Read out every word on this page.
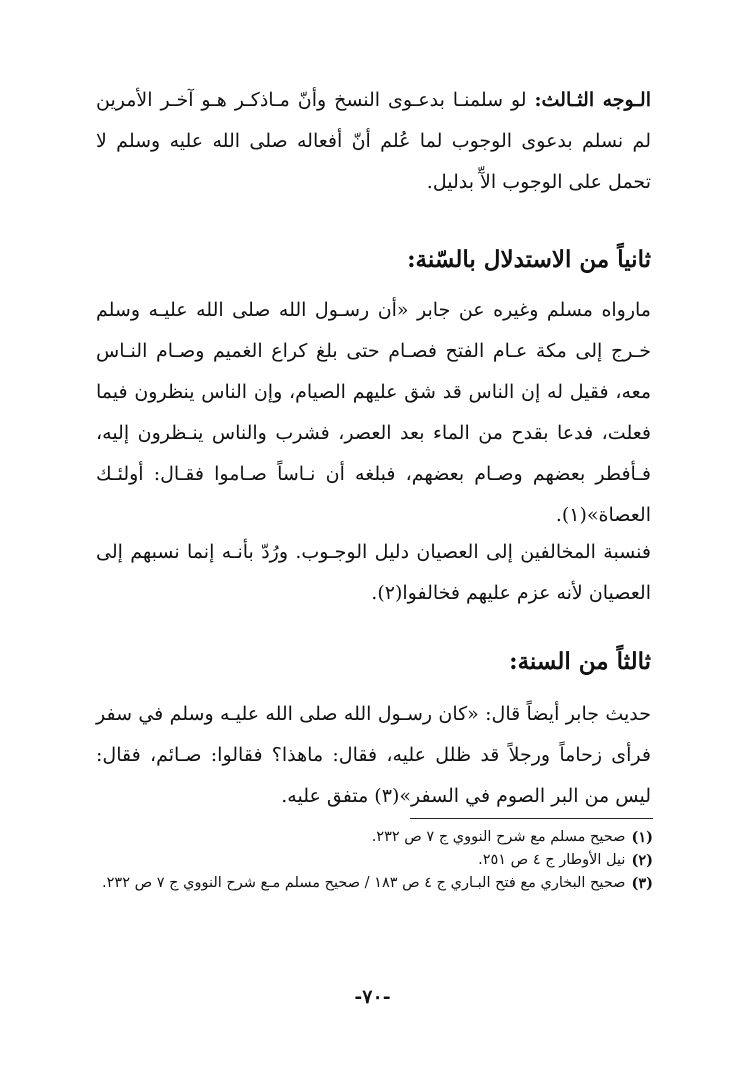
الـوجه الثـالث: لو سلمنـا بدعـوى النسخ وأنّ مـاذكـر هـو آخـر الأمرين لم نسلم بدعوى الوجوب لما عُلم أنّ أفعاله صلى الله عليه وسلم لا تحمل على الوجوب الآّ بدليل.

ثانياً من الاستدلال بالسّنة:

مارواه مسلم وغيره عن جابر «أن رسـول الله صلى الله عليـه وسلم خـرج إلى مكة عـام الفتح فصـام حتى بلغ كراع الغميم وصـام النـاس معه، فقيل له إن الناس قد شق عليهم الصيام، وإن الناس ينظرون فيما فعلت، فدعا بقدح من الماء بعد العصر، فشرب والناس ينـظرون إليه، فـأفطر بعضهم وصـام بعضهم، فبلغه أن نـاساً صـاموا فقـال: أولئـك العصاة»(١).

فنسبة المخالفين إلى العصيان دليل الوجـوب. ورُدّ بأنـه إنما نسبهم إلى العصيان لأنه عزم عليهم فخالفوا(٢).

ثالثاً من السنة:

حديث جابر أيضاً قال: «كان رسـول الله صلى الله عليـه وسلم في سفر فرأى زحاماً ورجلاً قد ظلل عليه، فقال: ماهذا؟ فقالوا: صـائم، فقال: ليس من البر الصوم في السفر»(٣) متفق عليه.

(١)
صحيح مسلم مع شرح النووي ج ٧ ص ٢٣٢.
(٢)
نيل الأوطار ج ٤ ص ٢٥١.
(٣)
صحيح البخاري مع فتح البـاري ج ٤ ص ١٨٣ / صحيح مسلم مـع شرح النووي ج ٧ ص ٢٣٢.
-٧٠-
